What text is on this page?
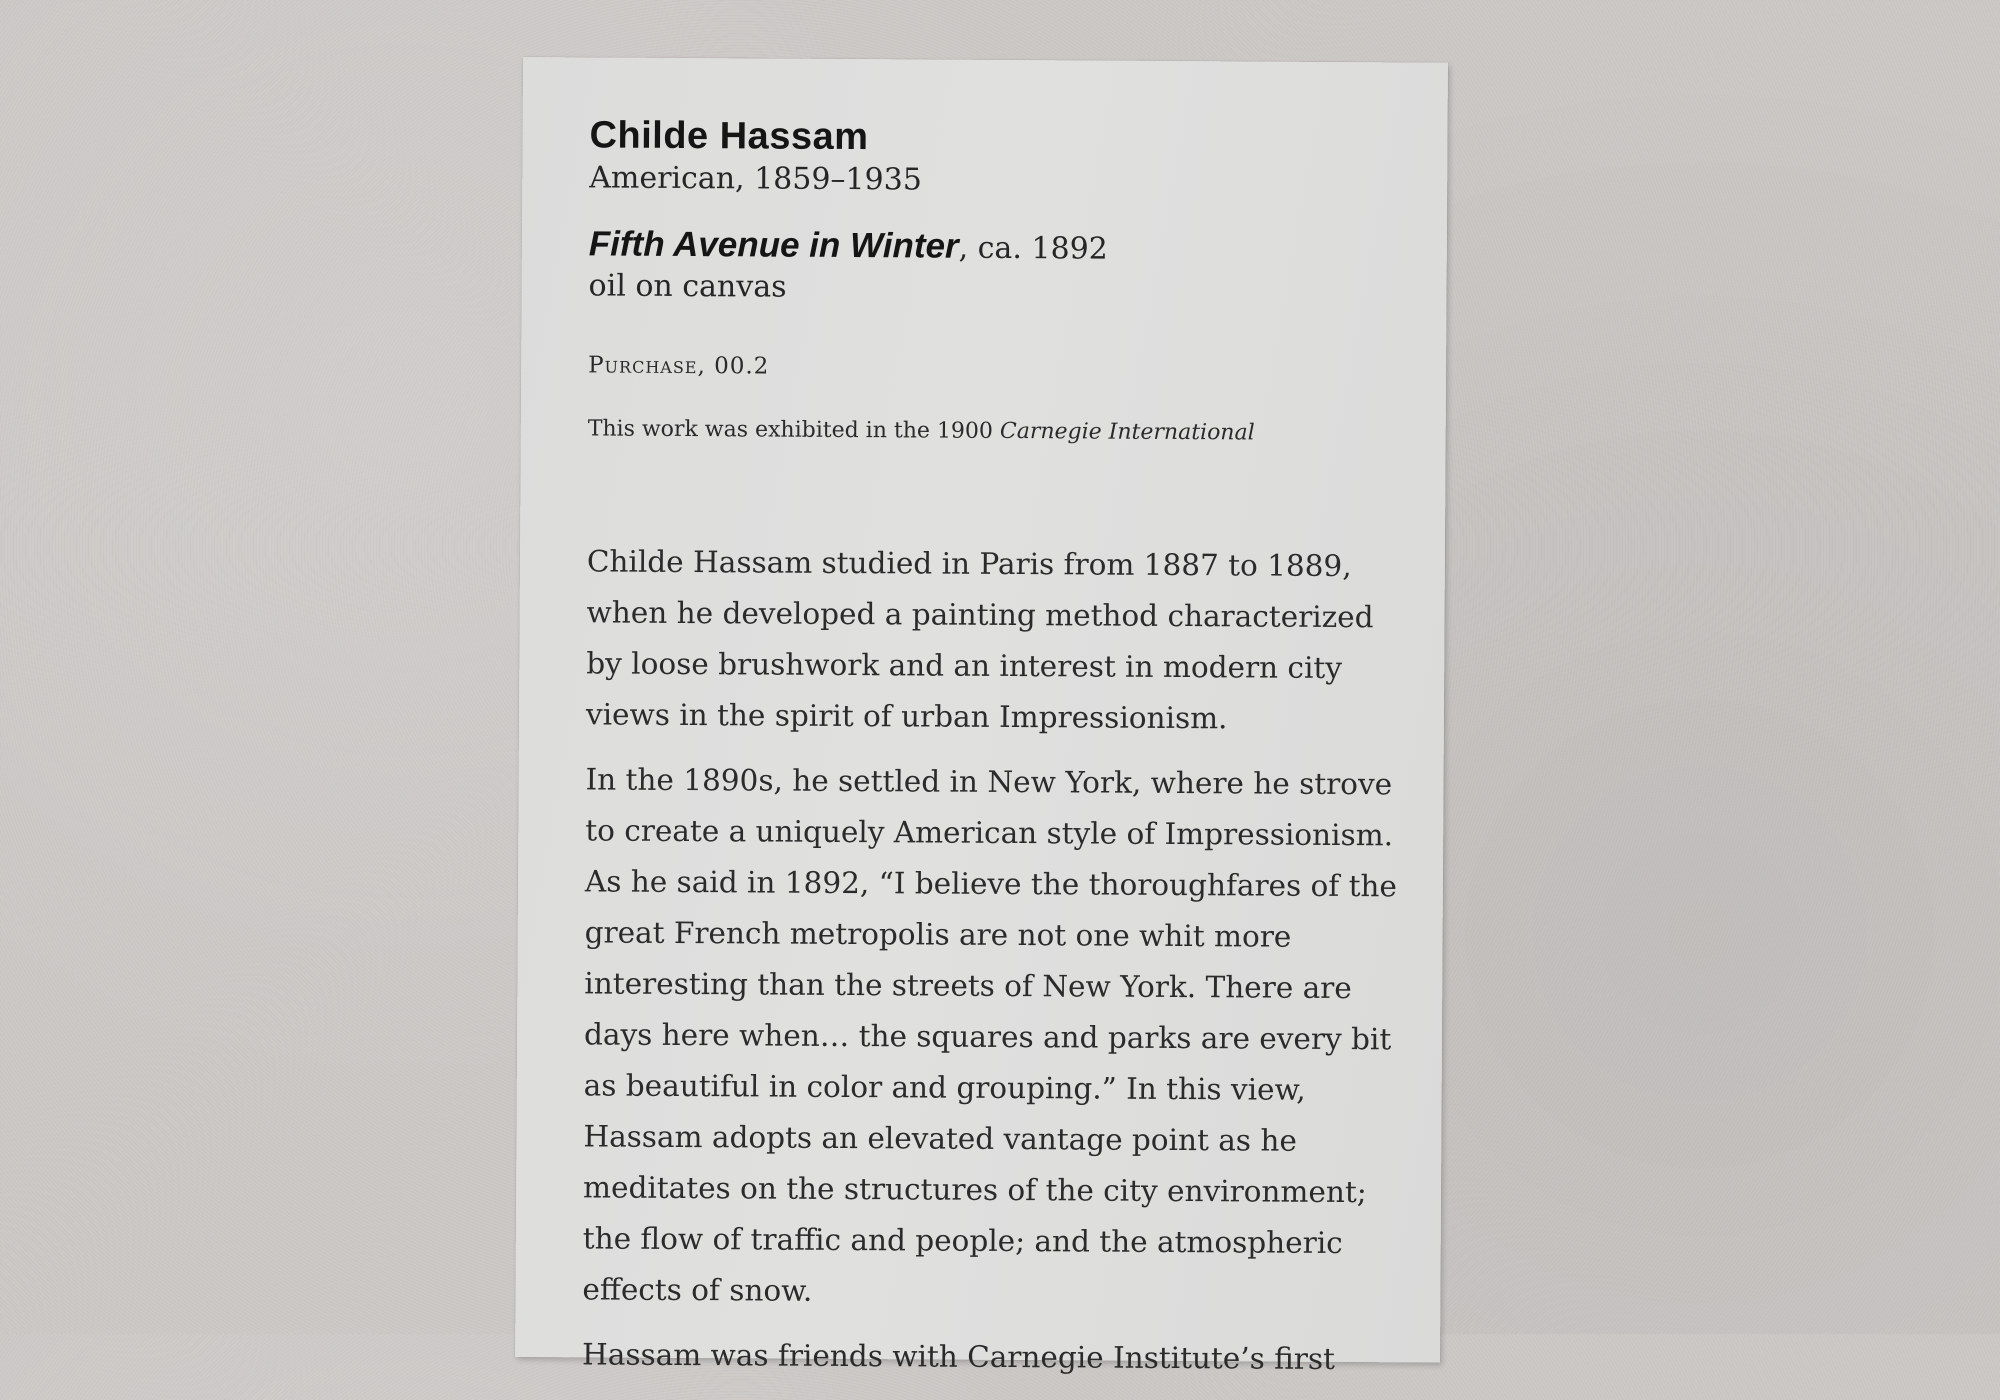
Childe Hassam
American, 1859–1935
Fifth Avenue in Winter, ca. 1892
oil on canvas
Purchase, 00.2
This work was exhibited in the 1900 Carnegie International

Childe Hassam studied in Paris from 1887 to 1889, when he developed a painting method characterized by loose brushwork and an interest in modern city views in the spirit of urban Impressionism.

In the 1890s, he settled in New York, where he strove to create a uniquely American style of Impressionism. As he said in 1892, “I believe the thoroughfares of the great French metropolis are not one whit more interesting than the streets of New York. There are days here when… the squares and parks are every bit as beautiful in color and grouping.” In this view, Hassam adopts an elevated vantage point as he meditates on the structures of the city environment; the flow of traffic and people; and the atmospheric effects of snow.

Hassam was friends with Carnegie Institute’s first
